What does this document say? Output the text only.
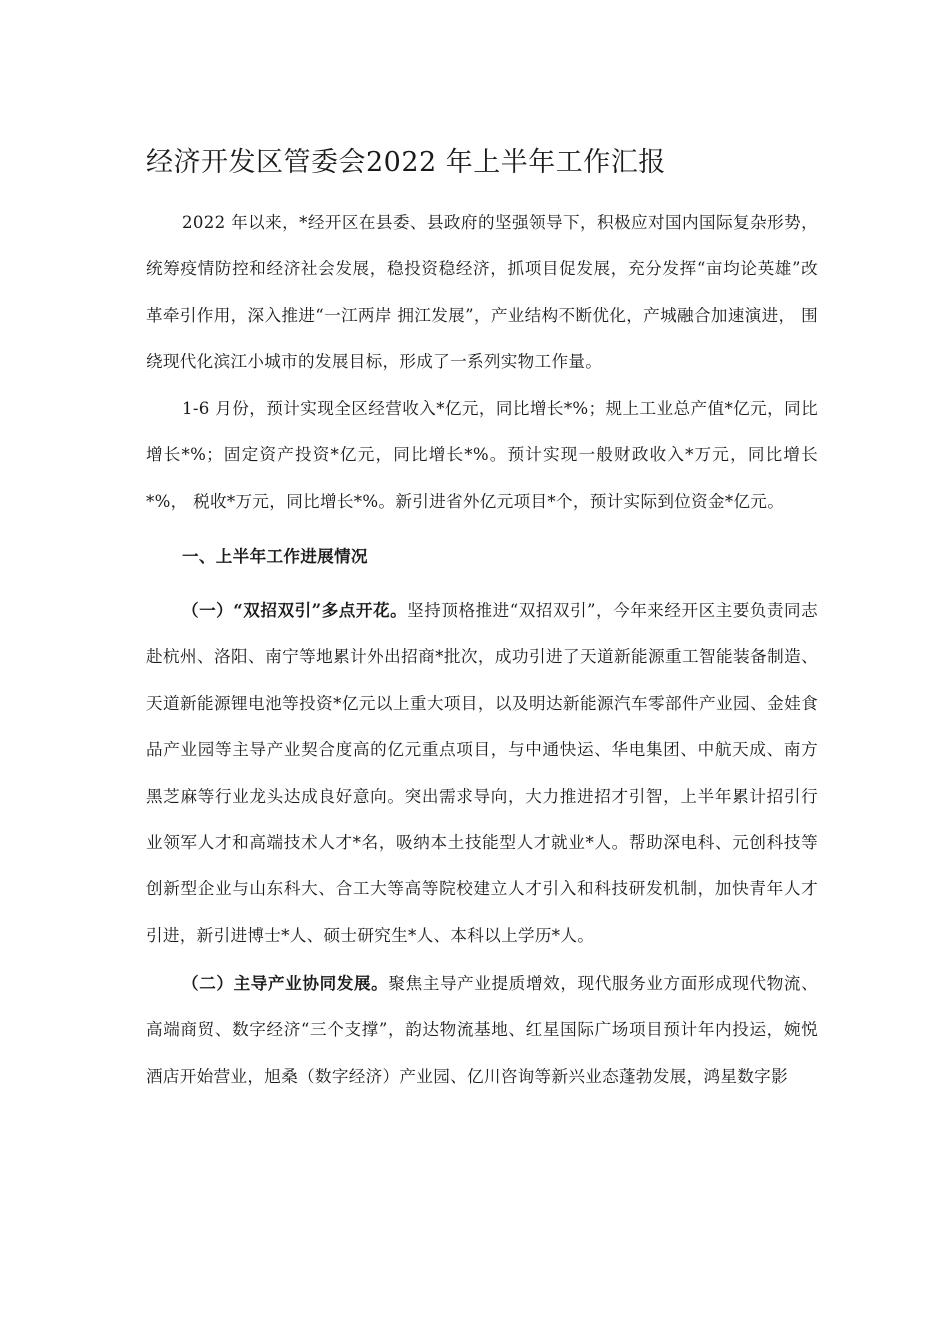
经济开发区管委会2022 年上半年工作汇报

2022 年以来，*经开区在县委、县政府的坚强领导下，积极应对国内国际复杂形势，统筹疫情防控和经济社会发展，稳投资稳经济，抓项目促发展，充分发挥“亩均论英雄”改革牵引作用，深入推进“一江两岸 拥江发展”，产业结构不断优化，产城融合加速演进， 围绕现代化滨江小城市的发展目标，形成了一系列实物工作量。

1-6 月份，预计实现全区经营收入*亿元，同比增长*%；规上工业总产值*亿元，同比增长*%；固定资产投资*亿元，同比增长*%。预计实现一般财政收入*万元，同比增长*%， 税收*万元，同比增长*%。新引进省外亿元项目*个，预计实际到位资金*亿元。

一、上半年工作进展情况

（一）“双招双引”多点开花。坚持顶格推进“双招双引”，今年来经开区主要负责同志赴杭州、洛阳、南宁等地累计外出招商*批次，成功引进了天道新能源重工智能装备制造、天道新能源锂电池等投资*亿元以上重大项目，以及明达新能源汽车零部件产业园、金娃食品产业园等主导产业契合度高的亿元重点项目，与中通快运、华电集团、中航天成、南方黑芝麻等行业龙头达成良好意向。突出需求导向，大力推进招才引智，上半年累计招引行业领军人才和高端技术人才*名，吸纳本土技能型人才就业*人。帮助深电科、元创科技等创新型企业与山东科大、合工大等高等院校建立人才引入和科技研发机制，加快青年人才引进，新引进博士*人、硕士研究生*人、本科以上学历*人。

（二）主导产业协同发展。聚焦主导产业提质增效，现代服务业方面形成现代物流、高端商贸、数字经济“三个支撑”，韵达物流基地、红星国际广场项目预计年内投运，婉悦酒店开始营业，旭桑（数字经济）产业园、亿川咨询等新兴业态蓬勃发展，鸿星数字影
